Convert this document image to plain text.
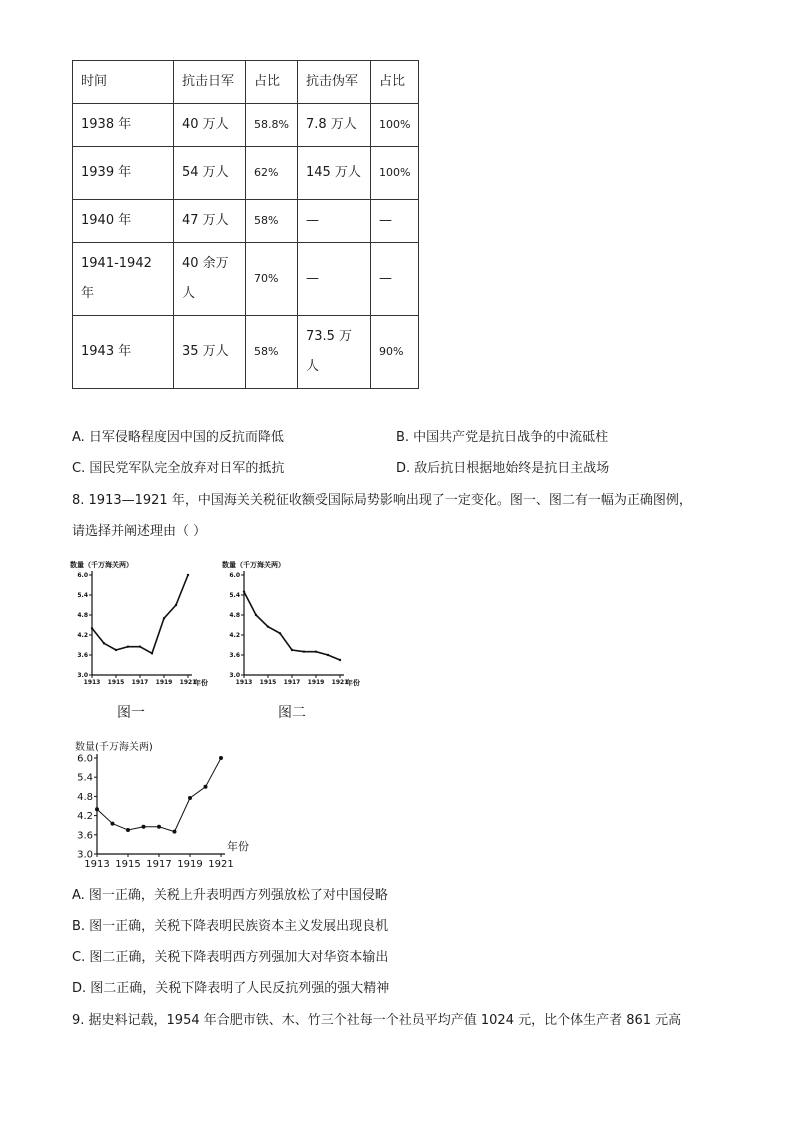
时间	抗击日军	占比	抗击伪军	占比
1938 年	40 万人	58.8%	7.8 万人	100%
1939 年	54 万人	62%	145 万人	100%
1940 年	47 万人	58%	—	—
1941-1942 年	40 余万人	70%	—	—
1943 年	35 万人	58%	73.5 万人	90%
A. 日军侵略程度因中国的反抗而降低	B. 中国共产党是抗日战争的中流砥柱
C. 国民党军队完全放弃对日军的抵抗	D. 敌后抗日根据地始终是抗日主战场
8. 1913—1921 年，中国海关关税征收额受国际局势影响出现了一定变化。图一、图二有一幅为正确图例，
请选择并阐述理由（ ）
数量（千万海关两）
3.0
3.6
4.2
4.8
5.4
6.0
1913 1915 1917 1919 1921
年份
图一
数量（千万海关两）
3.0
3.6
4.2
4.8
5.4
6.0
1913 1915 1917 1919 1921
年份
图二
数量(千万海关两)
3.0
3.6
4.2
4.8
5.4
6.0
1913 1915 1917 1919 1921
年份
A. 图一正确，关税上升表明西方列强放松了对中国侵略
B. 图一正确，关税下降表明民族资本主义发展出现良机
C. 图二正确，关税下降表明西方列强加大对华资本输出
D. 图二正确，关税下降表明了人民反抗列强的强大精神
9. 据史料记载，1954 年合肥市铁、木、竹三个社每一个社员平均产值 1024 元，比个体生产者 861 元高
